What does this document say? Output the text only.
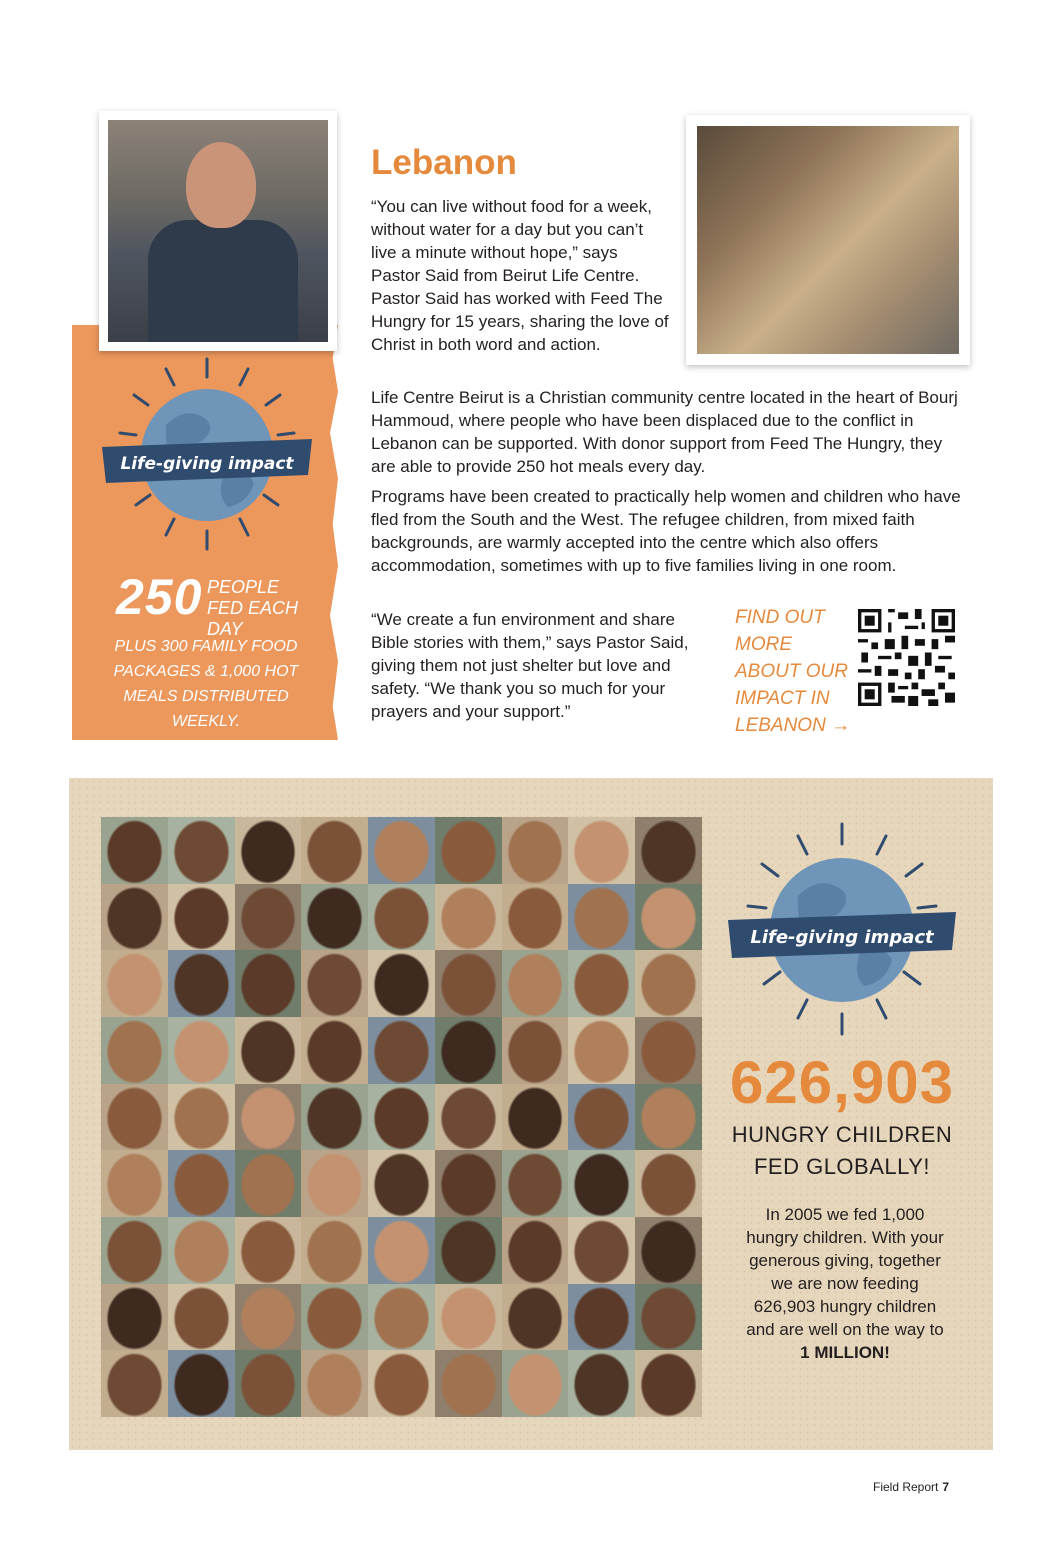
Lebanon

“You can live without food for a week, without water for a day but you can’t live a minute without hope,” says Pastor Said from Beirut Life Centre. Pastor Said has worked with Feed The Hungry for 15 years, sharing the love of Christ in both word and action.

Life Centre Beirut is a Christian community centre located in the heart of Bourj Hammoud, where people who have been displaced due to the conflict in Lebanon can be supported. With donor support from Feed The Hungry, they are able to provide 250 hot meals every day.

Programs have been created to practically help women and children who have fled from the South and the West. The refugee children, from mixed faith backgrounds, are warmly accepted into the centre which also offers accommodation, sometimes with up to five families living in one room.

“We create a fun environment and share Bible stories with them,” says Pastor Said, giving them not just shelter but love and safety. “We thank you so much for your prayers and your support.”

Life-giving impact
250 PEOPLE FED EACH DAY
PLUS 300 FAMILY FOOD PACKAGES & 1,000 HOT MEALS DISTRIBUTED WEEKLY.
FIND OUT MORE ABOUT OUR IMPACT IN LEBANON →
Life-giving impact
626,903
HUNGRY CHILDREN FED GLOBALLY!
In 2005 we fed 1,000 hungry children. With your generous giving, together we are now feeding 626,903 hungry children and are well on the way to 1 MILLION!
Field Report 7
